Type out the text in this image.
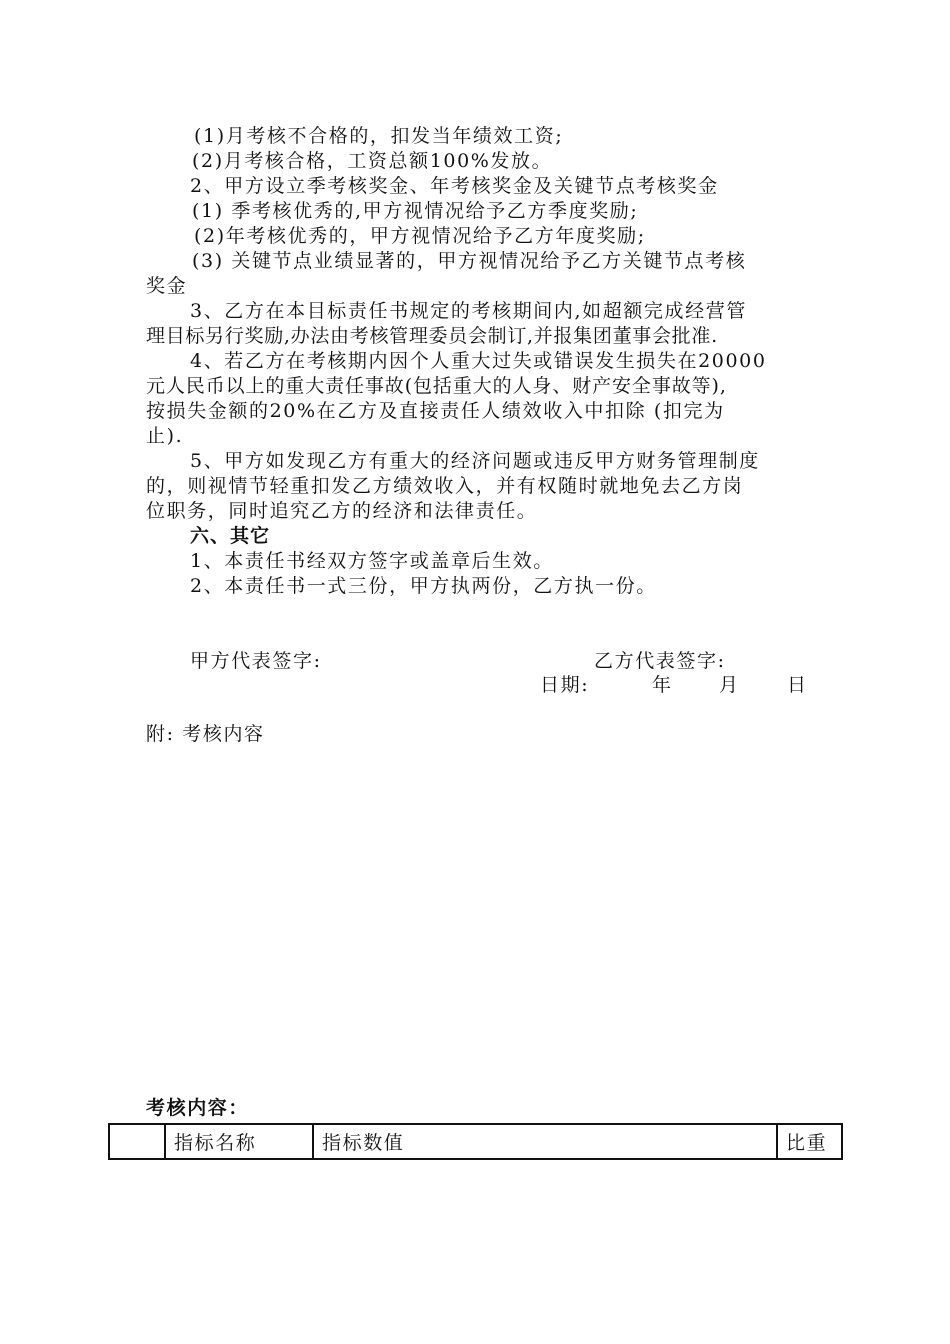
(1)月考核不合格的，扣发当年绩效工资;
(2)月考核合格，工资总额100%发放。
2、甲方设立季考核奖金、年考核奖金及关键节点考核奖金
(1) 季考核优秀的,甲方视情况给予乙方季度奖励;
(2)年考核优秀的，甲方视情况给予乙方年度奖励;
(3) 关键节点业绩显著的，甲方视情况给予乙方关键节点考核
奖金
3、乙方在本目标责任书规定的考核期间内,如超额完成经营管
理目标另行奖励,办法由考核管理委员会制订,并报集团董事会批准.
4、若乙方在考核期内因个人重大过失或错误发生损失在20000
元人民币以上的重大责任事故(包括重大的人身、财产安全事故等),
按损失金额的20%在乙方及直接责任人绩效收入中扣除 (扣完为
止).
5、甲方如发现乙方有重大的经济问题或违反甲方财务管理制度
的，则视情节轻重扣发乙方绩效收入，并有权随时就地免去乙方岗
位职务，同时追究乙方的经济和法律责任。
六、其它
1、本责任书经双方签字或盖章后生效。
2、本责任书一式三份，甲方执两份，乙方执一份。
甲方代表签字:	乙方代表签字:
日期:	年 月 日
附: 考核内容
考核内容：
	指标名称	指标数值	比重
